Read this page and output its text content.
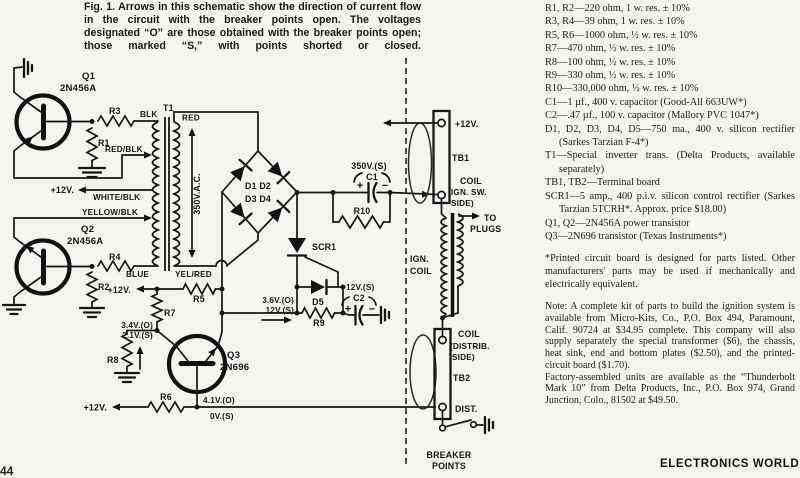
Fig. 1. Arrows in this schematic show the direction of current flow in the circuit with the breaker points open. The voltages designated “O” are those obtained with the breaker points open; those marked “S,” with points shorted or closed.
Q1
2N456A
R3 BLK
T1
RED
R1
RED/BLK
+12V.
WHITE/BLK
YELLOW/BLK
Q2
2N456A
R4
R2
BLUE	YEL/RED
350V.A.C.	D1 D2
D3 D4
350V.(S)
C1
+ −
R10
SCR1
D5
3.6V.(O)
12V.(S)
R9
12V.(S)
C2
+ −
R5
+12V.
R7
3.4V.(O)
2.1V.(S)
R8	Q3
2N696
R6
+12V.
4.1V.(O)
0V.(S)
+12V.
TB1
COIL
(IGN. SW.
SIDE)
TO
PLUGS
IGN.
COIL
COIL
(DISTRIB.
SIDE)
TB2
DIST.
BREAKER
POINTS
R1, R2—220 ohm, 1 w. res. ± 10%
R3, R4—39 ohm, 1 w. res. ± 10%
R5, R6—1000 ohm, ½ w. res. ± 10%
R7—470 ohm, ½ w. res. ± 10%
R8—100 ohm, ½ w. res. ± 10%
R9—330 ohm, ½ w. res. ± 10%
R10—330,000 ohm, ½ w. res. ± 10%
C1—1 µf., 400 v. capacitor (Good-All 663UW*)
C2—.47 µf., 100 v. capacitor (Mallory PVC 1047*)
D1, D2, D3, D4, D5—750 ma., 400 v. silicon rectifier (Sarkes Tarzian F-4*)
T1—Special inverter trans. (Delta Products, available separately)
TB1, TB2—Terminal board
SCR1—5 amp., 400 p.i.v. silicon control rectifier (Sarkes Tarzian 5TCRH*. Approx. price $18.00)
Q1, Q2—2N456A power transistor
Q3—2N696 transistor (Texas Instruments*)
*Printed circuit board is designed for parts listed. Other manufacturers' parts may be used if mechanically and electrically equivalent.
Note: A complete kit of parts to build the ignition system is available from Micro-Kits, Co., P.O. Box 494, Paramount, Calif. 90724 at $34.95 complete. This company will also supply separately the special transformer ($6), the chassis, heat sink, end and bottom plates ($2.50), and the printed-circuit board ($1.70).
Factory-assembled units are available as the “Thunderbolt Mark 10” from Delta Products, Inc., P.O. Box 974, Grand Junction, Colo., 81502 at $49.50.
ELECTRONICS WORLD
44
